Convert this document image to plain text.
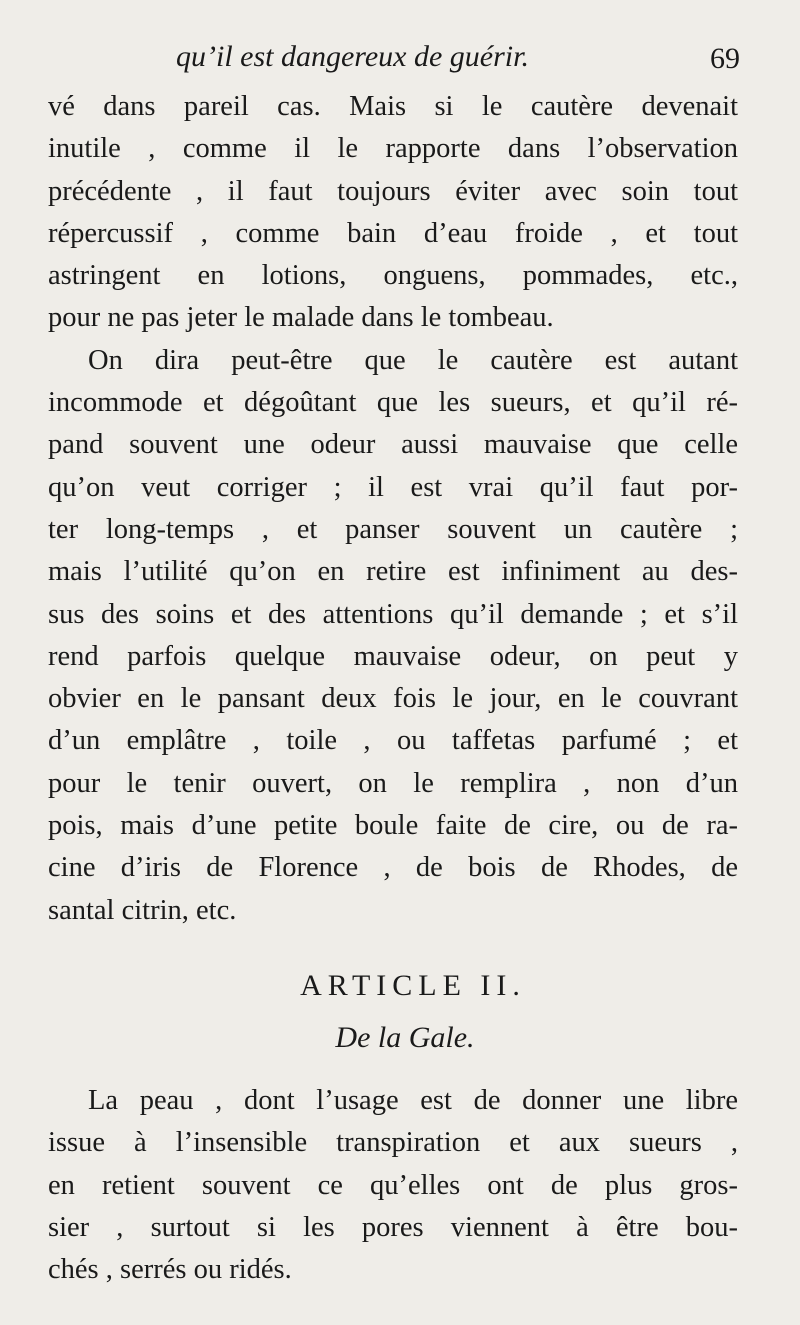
qu’il est dangereux de guérir.	69
vé dans pareil cas. Mais si le cautère devenait
inutile , comme il le rapporte dans l’observation
précédente , il faut toujours éviter avec soin tout
répercussif , comme bain d’eau froide , et tout
astringent en lotions, onguens, pommades, etc.,
pour ne pas jeter le malade dans le tombeau.
On dira peut-être que le cautère est autant
incommode et dégoûtant que les sueurs, et qu’il ré-
pand souvent une odeur aussi mauvaise que celle
qu’on veut corriger ; il est vrai qu’il faut por-
ter long-temps , et panser souvent un cautère ;
mais l’utilité qu’on en retire est infiniment au des-
sus des soins et des attentions qu’il demande ; et s’il
rend parfois quelque mauvaise odeur, on peut y
obvier en le pansant deux fois le jour, en le couvrant
d’un emplâtre , toile , ou taffetas parfumé ; et
pour le tenir ouvert, on le remplira , non d’un
pois, mais d’une petite boule faite de cire, ou de ra-
cine d’iris de Florence , de bois de Rhodes, de
santal citrin, etc.
ARTICLE II.
De la Gale.
La peau , dont l’usage est de donner une libre
issue à l’insensible transpiration et aux sueurs ,
en retient souvent ce qu’elles ont de plus gros-
sier , surtout si les pores viennent à être bou-
chés , serrés ou ridés.
